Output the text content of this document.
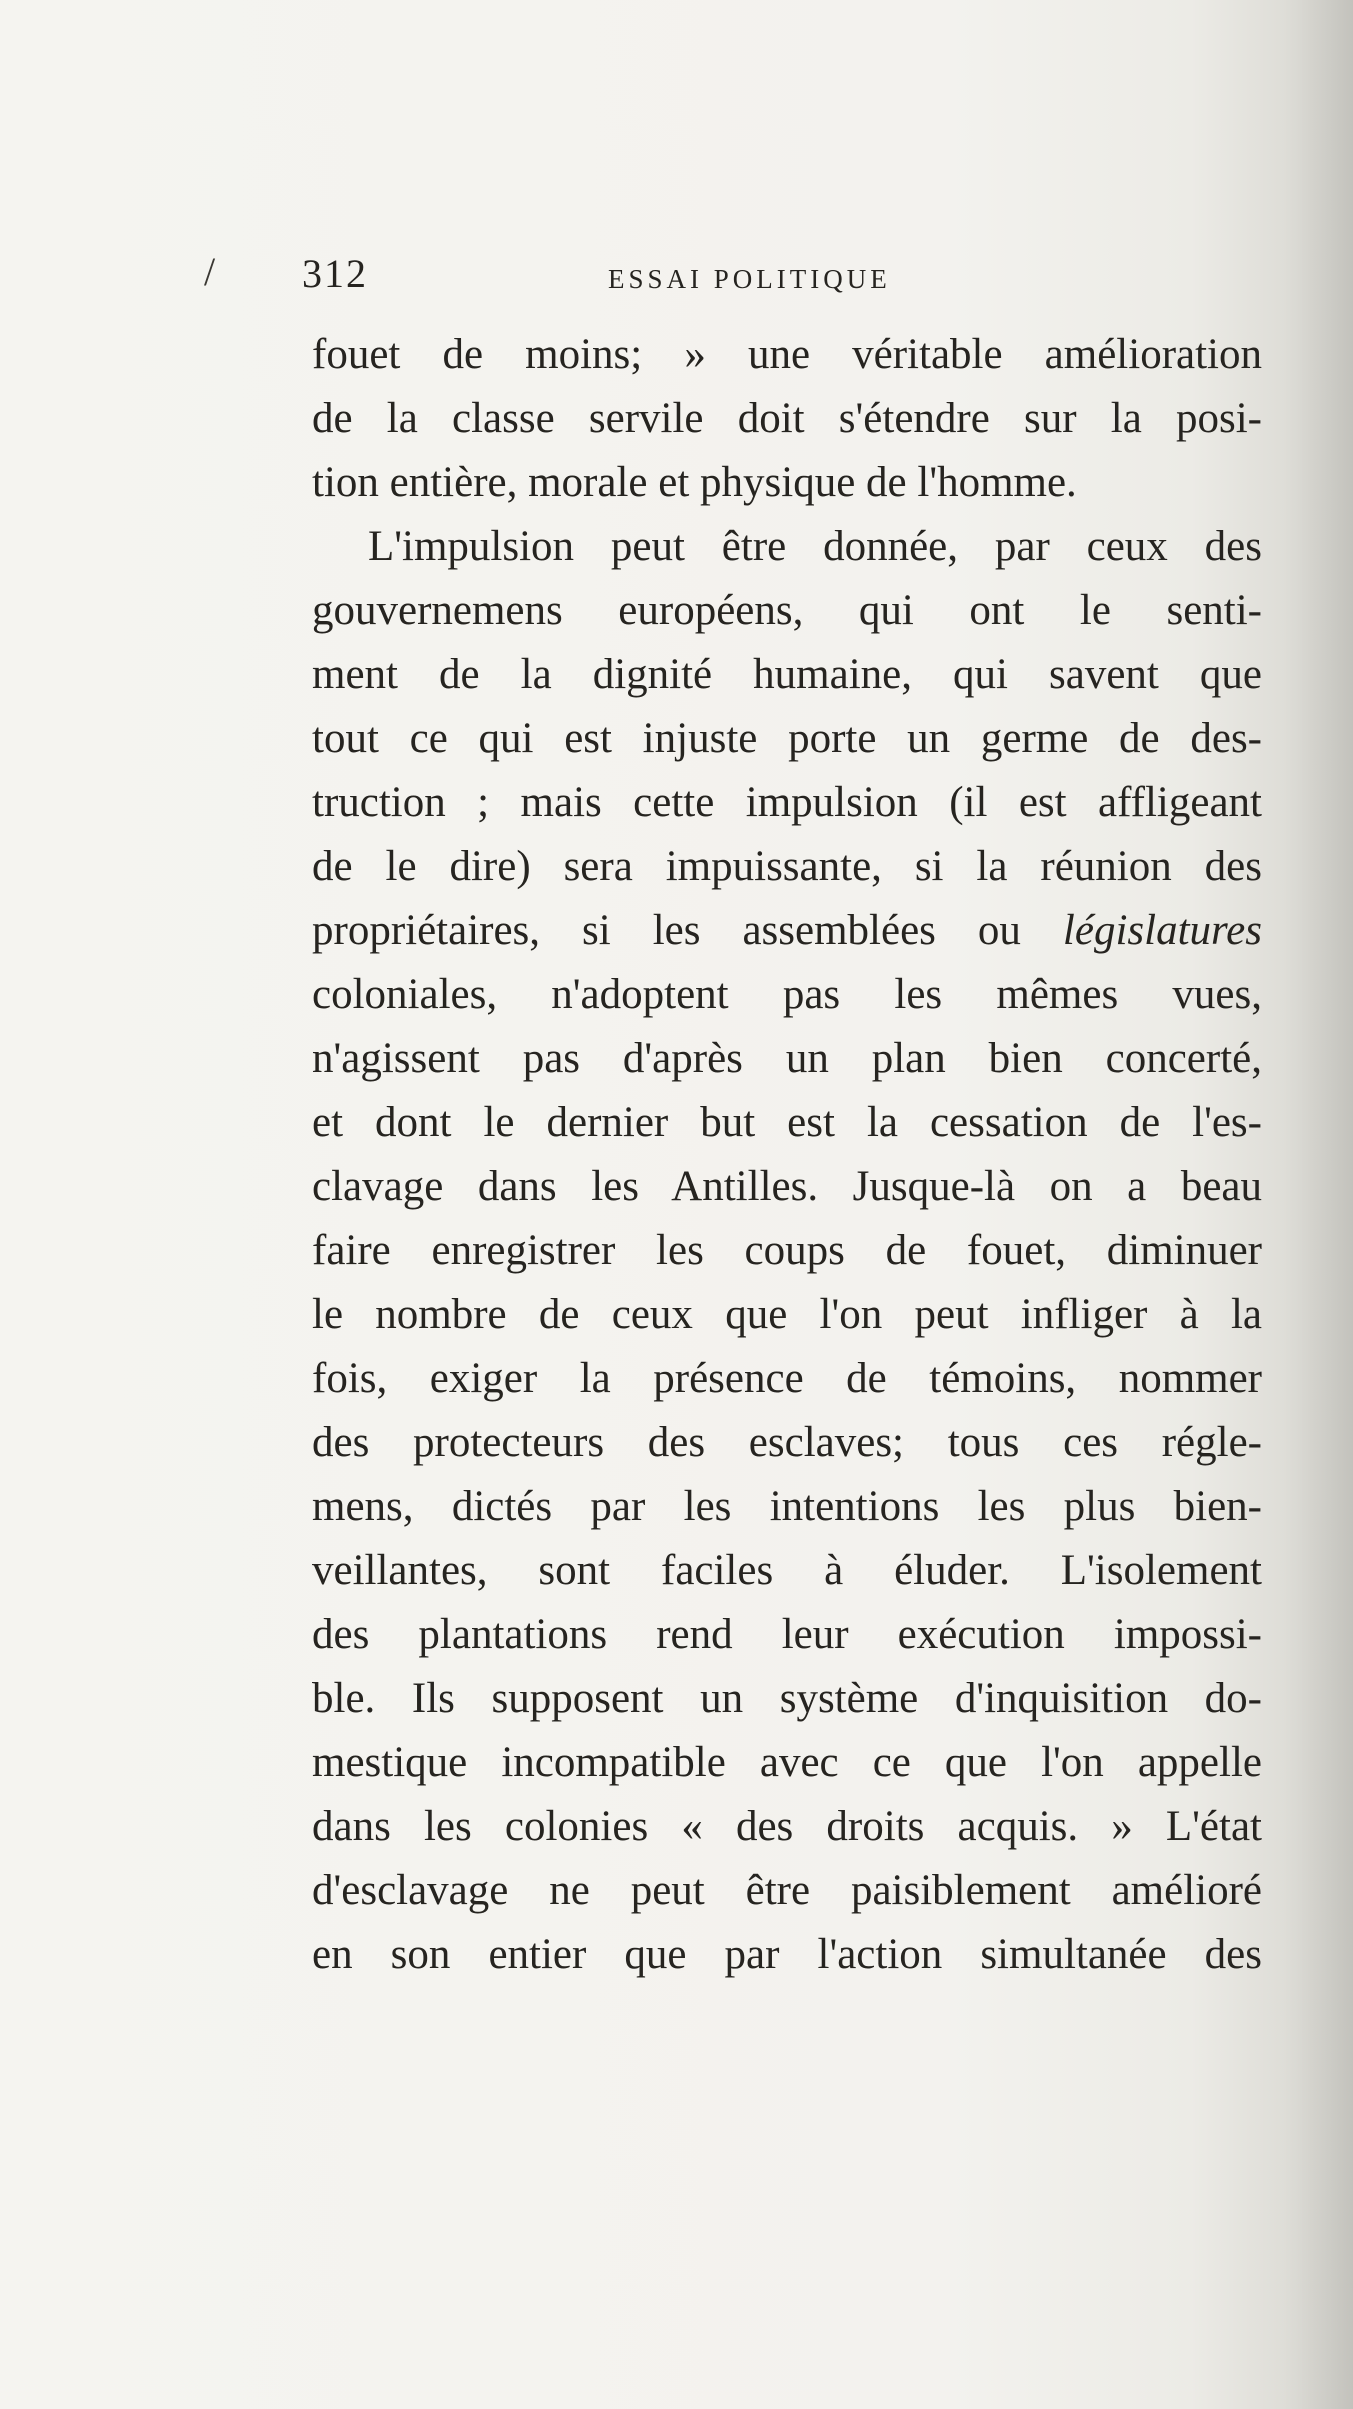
/ 312	ESSAI POLITIQUE
fouet de moins; » une véritable amélioration
de la classe servile doit s'étendre sur la posi-
tion entière, morale et physique de l'homme.
L'impulsion peut être donnée, par ceux des
gouvernemens européens, qui ont le senti-
ment de la dignité humaine, qui savent que
tout ce qui est injuste porte un germe de des-
truction ; mais cette impulsion (il est affligeant
de le dire) sera impuissante, si la réunion des
propriétaires, si les assemblées ou législatures
coloniales, n'adoptent pas les mêmes vues,
n'agissent pas d'après un plan bien concerté,
et dont le dernier but est la cessation de l'es-
clavage dans les Antilles. Jusque-là on a beau
faire enregistrer les coups de fouet, diminuer
le nombre de ceux que l'on peut infliger à la
fois, exiger la présence de témoins, nommer
des protecteurs des esclaves; tous ces régle-
mens, dictés par les intentions les plus bien-
veillantes, sont faciles à éluder. L'isolement
des plantations rend leur exécution impossi-
ble. Ils supposent un système d'inquisition do-
mestique incompatible avec ce que l'on appelle
dans les colonies « des droits acquis. » L'état
d'esclavage ne peut être paisiblement amélioré
en son entier que par l'action simultanée des
